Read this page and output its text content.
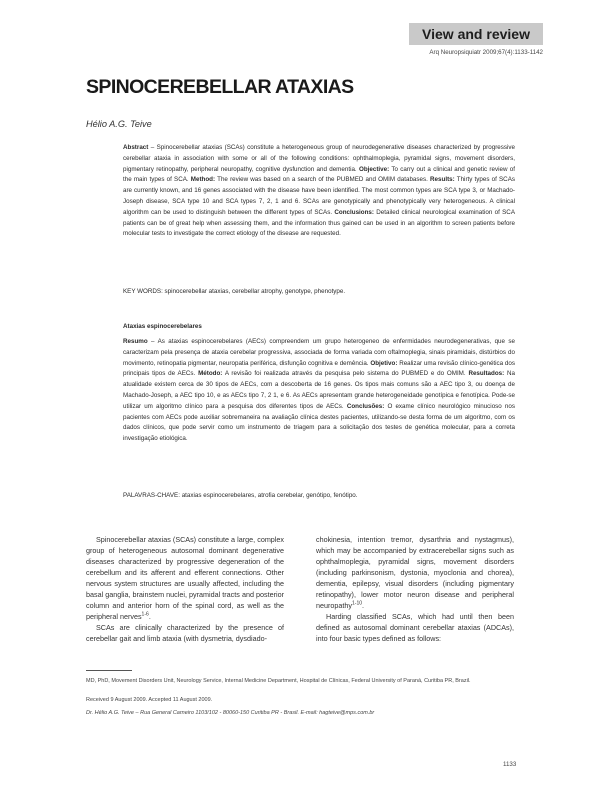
View and review
Arq Neuropsiquiatr 2009;67(4):1133-1142
SPINOCEREBELLAR ATAXIAS
Hélio A.G. Teive

Abstract – Spinocerebellar ataxias (SCAs) constitute a heterogeneous group of neurodegenerative diseases characterized by progressive cerebellar ataxia in association with some or all of the following conditions: ophthalmoplegia, pyramidal signs, movement disorders, pigmentary retinopathy, peripheral neuropathy, cognitive dysfunction and dementia. Objective: To carry out a clinical and genetic review of the main types of SCA. Method: The review was based on a search of the PUBMED and OMIM databases. Results: Thirty types of SCAs are currently known, and 16 genes associated with the disease have been identified. The most common types are SCA type 3, or Machado-Joseph disease, SCA type 10 and SCA types 7, 2, 1 and 6. SCAs are genotypically and phenotypically very heterogeneous. A clinical algorithm can be used to distinguish between the different types of SCAs. Conclusions: Detailed clinical neurological examination of SCA patients can be of great help when assessing them, and the information thus gained can be used in an algorithm to screen patients before molecular tests to investigate the correct etiology of the disease are requested.

KEY WORDS: spinocerebellar ataxias, cerebellar atrophy, genotype, phenotype.
Ataxias espinocerebelares

Resumo – As ataxias espinocerebelares (AECs) compreendem um grupo heterogeneo de enfermidades neurodegenerativas, que se caracterizam pela presença de ataxia cerebelar progressiva, associada de forma variada com oftalmoplegia, sinais piramidais, distúrbios do movimento, retinopatia pigmentar, neuropatia periférica, disfunção cognitiva e demência. Objetivo: Realizar uma revisão clínico-genética dos principais tipos de AECs. Método: A revisão foi realizada através da pesquisa pelo sistema do PUBMED e do OMIM. Resultados: Na atualidade existem cerca de 30 tipos de AECs, com a descoberta de 16 genes. Os tipos mais comuns são a AEC tipo 3, ou doença de Machado-Joseph, a AEC tipo 10, e as AECs tipo 7, 2 1, e 6. As AECs apresentam grande heterogeneidade genotípica e fenotípica. Pode-se utilizar um algoritmo clínico para a pesquisa dos diferentes tipos de AECs. Conclusões: O exame clínico neurológico minucioso nos pacientes com AECs pode auxiliar sobremaneira na avaliação clínica destes pacientes, utilizando-se desta forma de um algoritmo, com os dados clínicos, que pode servir como um instrumento de triagem para a solicitação dos testes de genética molecular, para a correta investigação etiológica.

PALAVRAS-CHAVE: ataxias espinocerebelares, atrofia cerebelar, genótipo, fenótipo.

Spinocerebellar ataxias (SCAs) constitute a large, complex group of heterogeneous autosomal dominant degenerative diseases characterized by progressive degeneration of the cerebellum and its afferent and efferent connections. Other nervous system structures are usually affected, including the basal ganglia, brainstem nuclei, pyramidal tracts and posterior column and anterior horn of the spinal cord, as well as the peripheral nerves$^{1-6}$.

SCAs are clinically characterized by the presence of cerebellar gait and limb ataxia (with dysmetria, dysdiado-

chokinesia, intention tremor, dysarthria and nystagmus), which may be accompanied by extracerebellar signs such as ophthalmoplegia, pyramidal signs, movement disorders (including parkinsonism, dystonia, myoclonia and chorea), dementia, epilepsy, visual disorders (including pigmentary retinopathy), lower motor neuron disease and peripheral neuropathy$^{1-10}$.

Harding classified SCAs, which had until then been defined as autosomal dominant cerebellar ataxias (ADCAs), into four basic types defined as follows:

MD, PhD, Movement Disorders Unit, Neurology Service, Internal Medicine Department, Hospital de Clínicas, Federal University of Paraná, Curitiba PR, Brazil.
Received 9 August 2009. Accepted 11 August 2009.
Dr. Hélio A.G. Teive – Rua General Carneiro 1103/102 - 80060-150 Curitiba PR - Brasil. E-mail: hagteive@mps.com.br
1133
